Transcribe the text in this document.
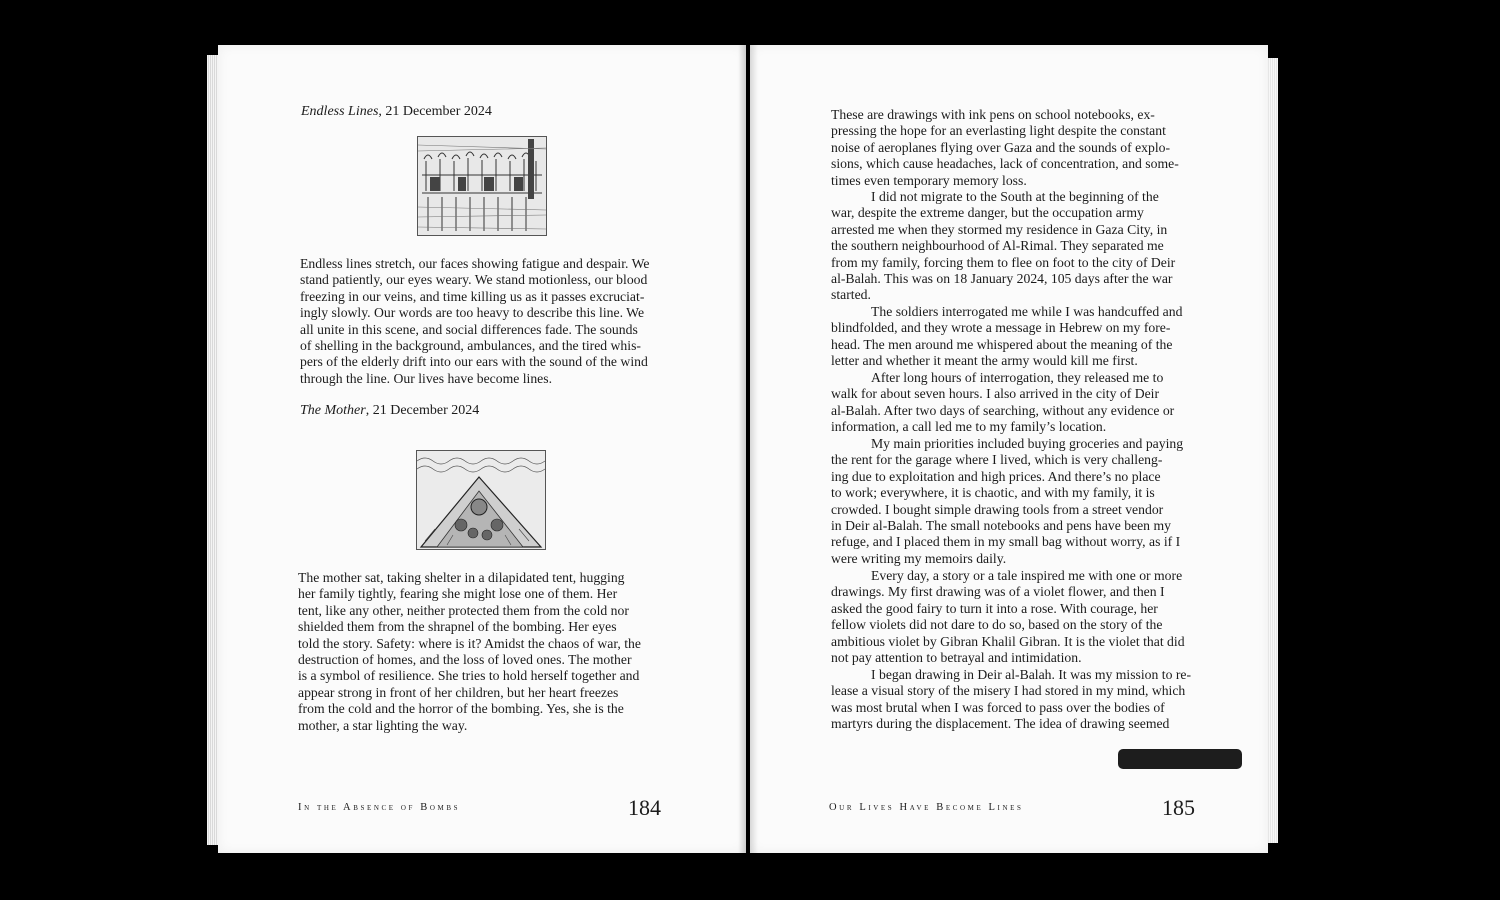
Endless Lines, 21 December 2024
Endless lines stretch, our faces showing fatigue and despair. We
stand patiently, our eyes weary. We stand motionless, our blood
freezing in our veins, and time killing us as it passes excruciat-
ingly slowly. Our words are too heavy to describe this line. We
all unite in this scene, and social differences fade. The sounds
of shelling in the background, ambulances, and the tired whis-
pers of the elderly drift into our ears with the sound of the wind
through the line. Our lives have become lines.
The Mother, 21 December 2024
The mother sat, taking shelter in a dilapidated tent, hugging
her family tightly, fearing she might lose one of them. Her
tent, like any other, neither protected them from the cold nor
shielded them from the shrapnel of the bombing. Her eyes
told the story. Safety: where is it? Amidst the chaos of war, the
destruction of homes, and the loss of loved ones. The mother
is a symbol of resilience. She tries to hold herself together and
appear strong in front of her children, but her heart freezes
from the cold and the horror of the bombing. Yes, she is the
mother, a star lighting the way.
In the Absence of Bombs	184
These are drawings with ink pens on school notebooks, ex-
pressing the hope for an everlasting light despite the constant
noise of aeroplanes flying over Gaza and the sounds of explo-
sions, which cause headaches, lack of concentration, and some-
times even temporary memory loss.
I did not migrate to the South at the beginning of the
war, despite the extreme danger, but the occupation army
arrested me when they stormed my residence in Gaza City, in
the southern neighbourhood of Al-Rimal. They separated me
from my family, forcing them to flee on foot to the city of Deir
al-Balah. This was on 18 January 2024, 105 days after the war
started.
The soldiers interrogated me while I was handcuffed and
blindfolded, and they wrote a message in Hebrew on my fore-
head. The men around me whispered about the meaning of the
letter and whether it meant the army would kill me first.
After long hours of interrogation, they released me to
walk for about seven hours. I also arrived in the city of Deir
al-Balah. After two days of searching, without any evidence or
information, a call led me to my family’s location.
My main priorities included buying groceries and paying
the rent for the garage where I lived, which is very challeng-
ing due to exploitation and high prices. And there’s no place
to work; everywhere, it is chaotic, and with my family, it is
crowded. I bought simple drawing tools from a street vendor
in Deir al-Balah. The small notebooks and pens have been my
refuge, and I placed them in my small bag without worry, as if I
were writing my memoirs daily.
Every day, a story or a tale inspired me with one or more
drawings. My first drawing was of a violet flower, and then I
asked the good fairy to turn it into a rose. With courage, her
fellow violets did not dare to do so, based on the story of the
ambitious violet by Gibran Khalil Gibran. It is the violet that did
not pay attention to betrayal and intimidation.
I began drawing in Deir al-Balah. It was my mission to re-
lease a visual story of the misery I had stored in my mind, which
was most brutal when I was forced to pass over the bodies of
martyrs during the displacement. The idea of drawing seemed
Our Lives Have Become Lines	185
